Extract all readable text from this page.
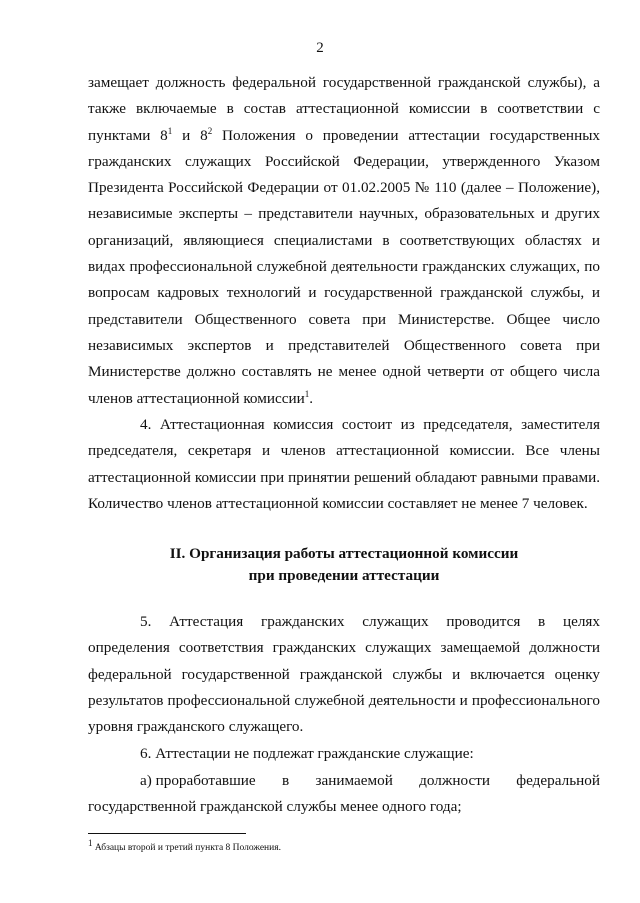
2
замещает должность федеральной государственной гражданской службы), а также включаемые в состав аттестационной комиссии в соответствии с пунктами $8^1$ и $8^2$ Положения о проведении аттестации государственных гражданских служащих Российской Федерации, утвержденного Указом Президента Российской Федерации от 01.02.2005 № 110 (далее – Положение), независимые эксперты – представители научных, образовательных и других организаций, являющиеся специалистами в соответствующих областях и видах профессиональной служебной деятельности гражданских служащих, по вопросам кадровых технологий и государственной гражданской службы, и представители Общественного совета при Министерстве. Общее число независимых экспертов и представителей Общественного совета при Министерстве должно составлять не менее одной четверти от общего числа членов аттестационной комиссии$^1$.
4. Аттестационная комиссия состоит из председателя, заместителя председателя, секретаря и членов аттестационной комиссии. Все члены аттестационной комиссии при принятии решений обладают равными правами. Количество членов аттестационной комиссии составляет не менее 7 человек.
II. Организация работы аттестационной комиссии
при проведении аттестации
5. Аттестация гражданских служащих проводится в целях определения соответствия гражданских служащих замещаемой должности федеральной государственной гражданской службы и включается оценку результатов профессиональной служебной деятельности и профессионального уровня гражданского служащего.
6. Аттестации не подлежат гражданские служащие:
а) проработавшие в занимаемой должности федеральной
государственной гражданской службы менее одного года;
$^1$ Абзацы второй и третий пункта 8 Положения.
